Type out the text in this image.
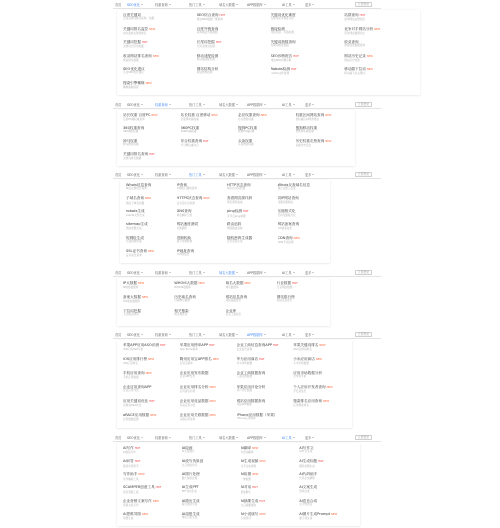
首页 SEO优化	权重查询	热门工具	域名大数据	APP数据库	AI工具	更多	立即登录
百度关键词
百度关键词排名查询、挖掘
SEO综合查询HOT
网站SEO数据一键查询
关键词优化难度
关键词竞争难度分析
站群查询HOT
查询网站站群信息
关键词排名监控NEW
实时监控关键词排名
百度外链查询
查询网站外链数据
链接检测
网站死链、坏链检测
竞争对手网站分析NEW
竞争网站数据对比
关键词挖掘HOT
关键词长尾词挖掘
长尾词挖掘HOT
长尾关键词拓展
关键词指数查询
关键词搜索指数
收录查询
网站收录数据查询
收录网站排名查询NEW
网站排名数据
移动适配检测
移动端适配检测
SEO诊断报告HOT
网站SEO问题诊断
网站历史记录NEW
网站历史快照
SEO优化建议
专业SEO优化建议
网站结构分析
网站结构检测
Robots检测HOT
robots文件检测
移动端下拉词NEW
移动端下拉关键词
搜索引擎蜘蛛NEW
蜘蛛爬取模拟
首页 SEO优化	权重查询	热门工具	域名大数据	APP数据库	AI工具	更多	立即登录
站长权重 百度PCNEW
百度PC端权重查询
站长权重 百度移动NEW
百度移动端权重
必应权重查询NEW
必应搜索权重
权重区间网站查询NEW
按权重区间筛选网站
360权重查询
360搜索权重
360PC权重
360PC端权重
搜狗PC权重
搜狗PC端权重
搜狗移动权重
搜狗移动端权重
神马权重
神马搜索权重
综合权重查询HOT
多引擎权重综合
头条权重
头条搜索权重
历史权重走势查询NEW
权重历史变化
关键词排名查询HOT
关键词排名数据
首页 SEO优化	权重查询	热门工具	域名大数据	APP数据库	AI工具	更多	立即登录
Whois信息查询
域名注册信息查询
IP查询
IP地址归属地查询
HTTP状态查询
网页状态码检测
Whois反查域名信息
通过注册人反查
子域名查询NEW
网站子域名挖掘
HTTPS状态查询NEW
证书及状态检测
查看网页源代码
网页源码查看
同IP网站查询
同服务器网站
robots生成
robots文件生成
DNS查询
域名解析记录
ping检测HOT
多节点ping检测
压缩格式化
代码压缩格式化
sitemap生成
网站地图生成
网站速度测试
全国测速
路由追踪
网络路由追踪
网站备案查询
ICP备案信息
短网址生成
长链接转短链
进制转换
数字进制转换
随机密码生成器
安全密码生成
CDN查询NEW
CDN节点检测
SSL证书查询NEW
证书信息查询
IP地址查询
IP详细信息
首页 SEO优化	权重查询	热门工具	域名大数据	APP数据库	AI工具	更多	立即登录
IP大数据NEW
IP地址数据库
WHOIS大数据NEW
WHOIS数据库
域名大数据NEW
域名数据库
行业数据HOT
行业网站数据
备案大数据NEW
ICP备案数据库
历史域名查询
过期域名数据
网站信息查询
网站基础信息
网站排行榜
网站流量排行
下拉词挖掘
下拉框关键词
相关搜索
相关搜索词
企业库
企业工商信息
首页 SEO优化	权重查询	热门工具	域名大数据	APP数据库	AI工具	更多	立即登录
苹果APP应用ASO评测HOT
iOS应用ASO分析
苹果应用榜单APPHOT
App Store榜单
企业工商信息查询APPHOT
企业信息查询
苹果关键词排名NEW
ASO关键词排名
iOS应用排行榜NEW
iOS应用排名
腾讯应用宝APP排名NEW
应用宝榜单
华为应用商店HOT
华为市场数据
小米应用商店NEW
小米市场数据
手机应用查询NEW
手机应用数据
企业应用发布数据
企业APP发布
企业工商数据查询
工商注册数据
应用市场数据分析
全市场分析
企业应用查询APP
企业应用列表
企业应用排名分析NEW
应用排名趋势
苹果应用评论分析
用户评论数据
个人应用开发者查询NEW
开发者信息
应用关键词优化HOT
关键词ASO优化
企业应用竞品数据NEW
竞品应用对比
网站应用数据查询
网站APP数据
搜索排名应用查询NEW
应用搜索排名
aRACE应用数据NEW
应用数据监测
企业应用关联数据NEW
关联应用查询
iPhone应用数据（苹果）
iPhone应用榜单
首页 SEO优化	权重查询	热门工具	域名大数据	APP数据库	AI工具	更多	立即登录
AI写作HOT
AI智能写作
AI绘画
AI生成图片
AI翻译NEW
多语言翻译
AI写作文
AI作文生成
AI问答HOT
智能问答助手
AI改写伪原创
文章智能改写
AI生成视频NEW
文字生成视频
AI生成标题HOT
爆款标题生成
写作助手NEW
写作辅助工具
AI图片处理
图片智能处理
AI抠图NEW
一键抠图
AI代码助手
代码生成解释
SCAMPER创意工具HOT
创意思维工具
AI生成PPT
PPT自动生成
AI对话HOT
智能聊天
AI文案生成
营销文案
企业营销文案写作NEW
营销文案写作
AI简历生成
简历智能生成
AI摘要生成HOT
文章摘要提取
AI语音合成
文字转语音
AI思维导图NEW
导图生成
AI周报生成
周报日报生成
AI小说续写NEW
小说续写
AI图片生成PromptNEW
提示词生成
